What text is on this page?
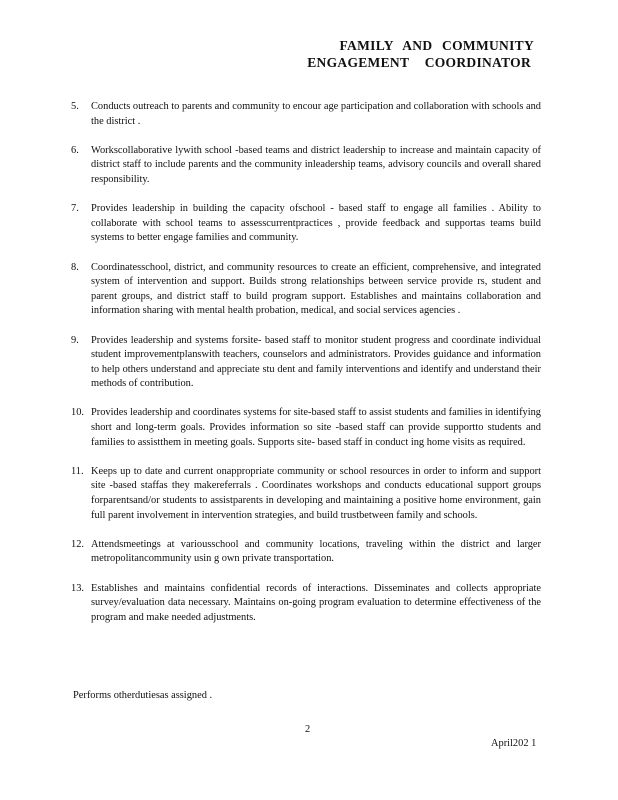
FAMILY AND COMMUNITY
ENGAGEMENT COORDINATOR
5. Conducts outreach to parents and community to encour age participation and collaboration with schools and the district .
6. Workscollaborative lywith school -based teams and district leadership to increase and maintain capacity of district staff to include parents and the community inleadership teams, advisory councils and overall shared responsibility.
7. Provides leadership in building the capacity ofschool - based staff to engage all families . Ability to collaborate with school teams to assesscurrentpractices , provide feedback and supportas teams build systems to better engage families and community.
8. Coordinatesschool, district, and community resources to create an efficient, comprehensive, and integrated system of intervention and support. Builds strong relationships between service provide rs, student and parent groups, and district staff to build program support. Establishes and maintains collaboration and information sharing with mental health probation, medical, and social services agencies .
9. Provides leadership and systems forsite- based staff to monitor student progress and coordinate individual student improvementplanswith teachers, counselors and administrators. Provides guidance and information to help others understand and appreciate stu dent and family interventions and identify and understand their methods of contribution.
10. Provides leadership and coordinates systems for site-based staff to assist students and families in identifying short and long-term goals. Provides information so site -based staff can provide supportto students and families to assistthem in meeting goals. Supports site- based staff in conduct ing home visits as required.
11. Keeps up to date and current onappropriate community or school resources in order to inform and support site -based staffas they makereferrals . Coordinates workshops and conducts educational support groups forparentsand/or students to assistparents in developing and maintaining a positive home environment, gain full parent involvement in intervention strategies, and build trustbetween family and schools.
12. Attendsmeetings at variousschool and community locations, traveling within the district and larger metropolitancommunity usin g own private transportation.
13. Establishes and maintains confidential records of interactions. Disseminates and collects appropriate survey/evaluation data necessary. Maintains on-going program evaluation to determine effectiveness of the program and make needed adjustments.
Performs otherdutiesas assigned .
2
April202 1
